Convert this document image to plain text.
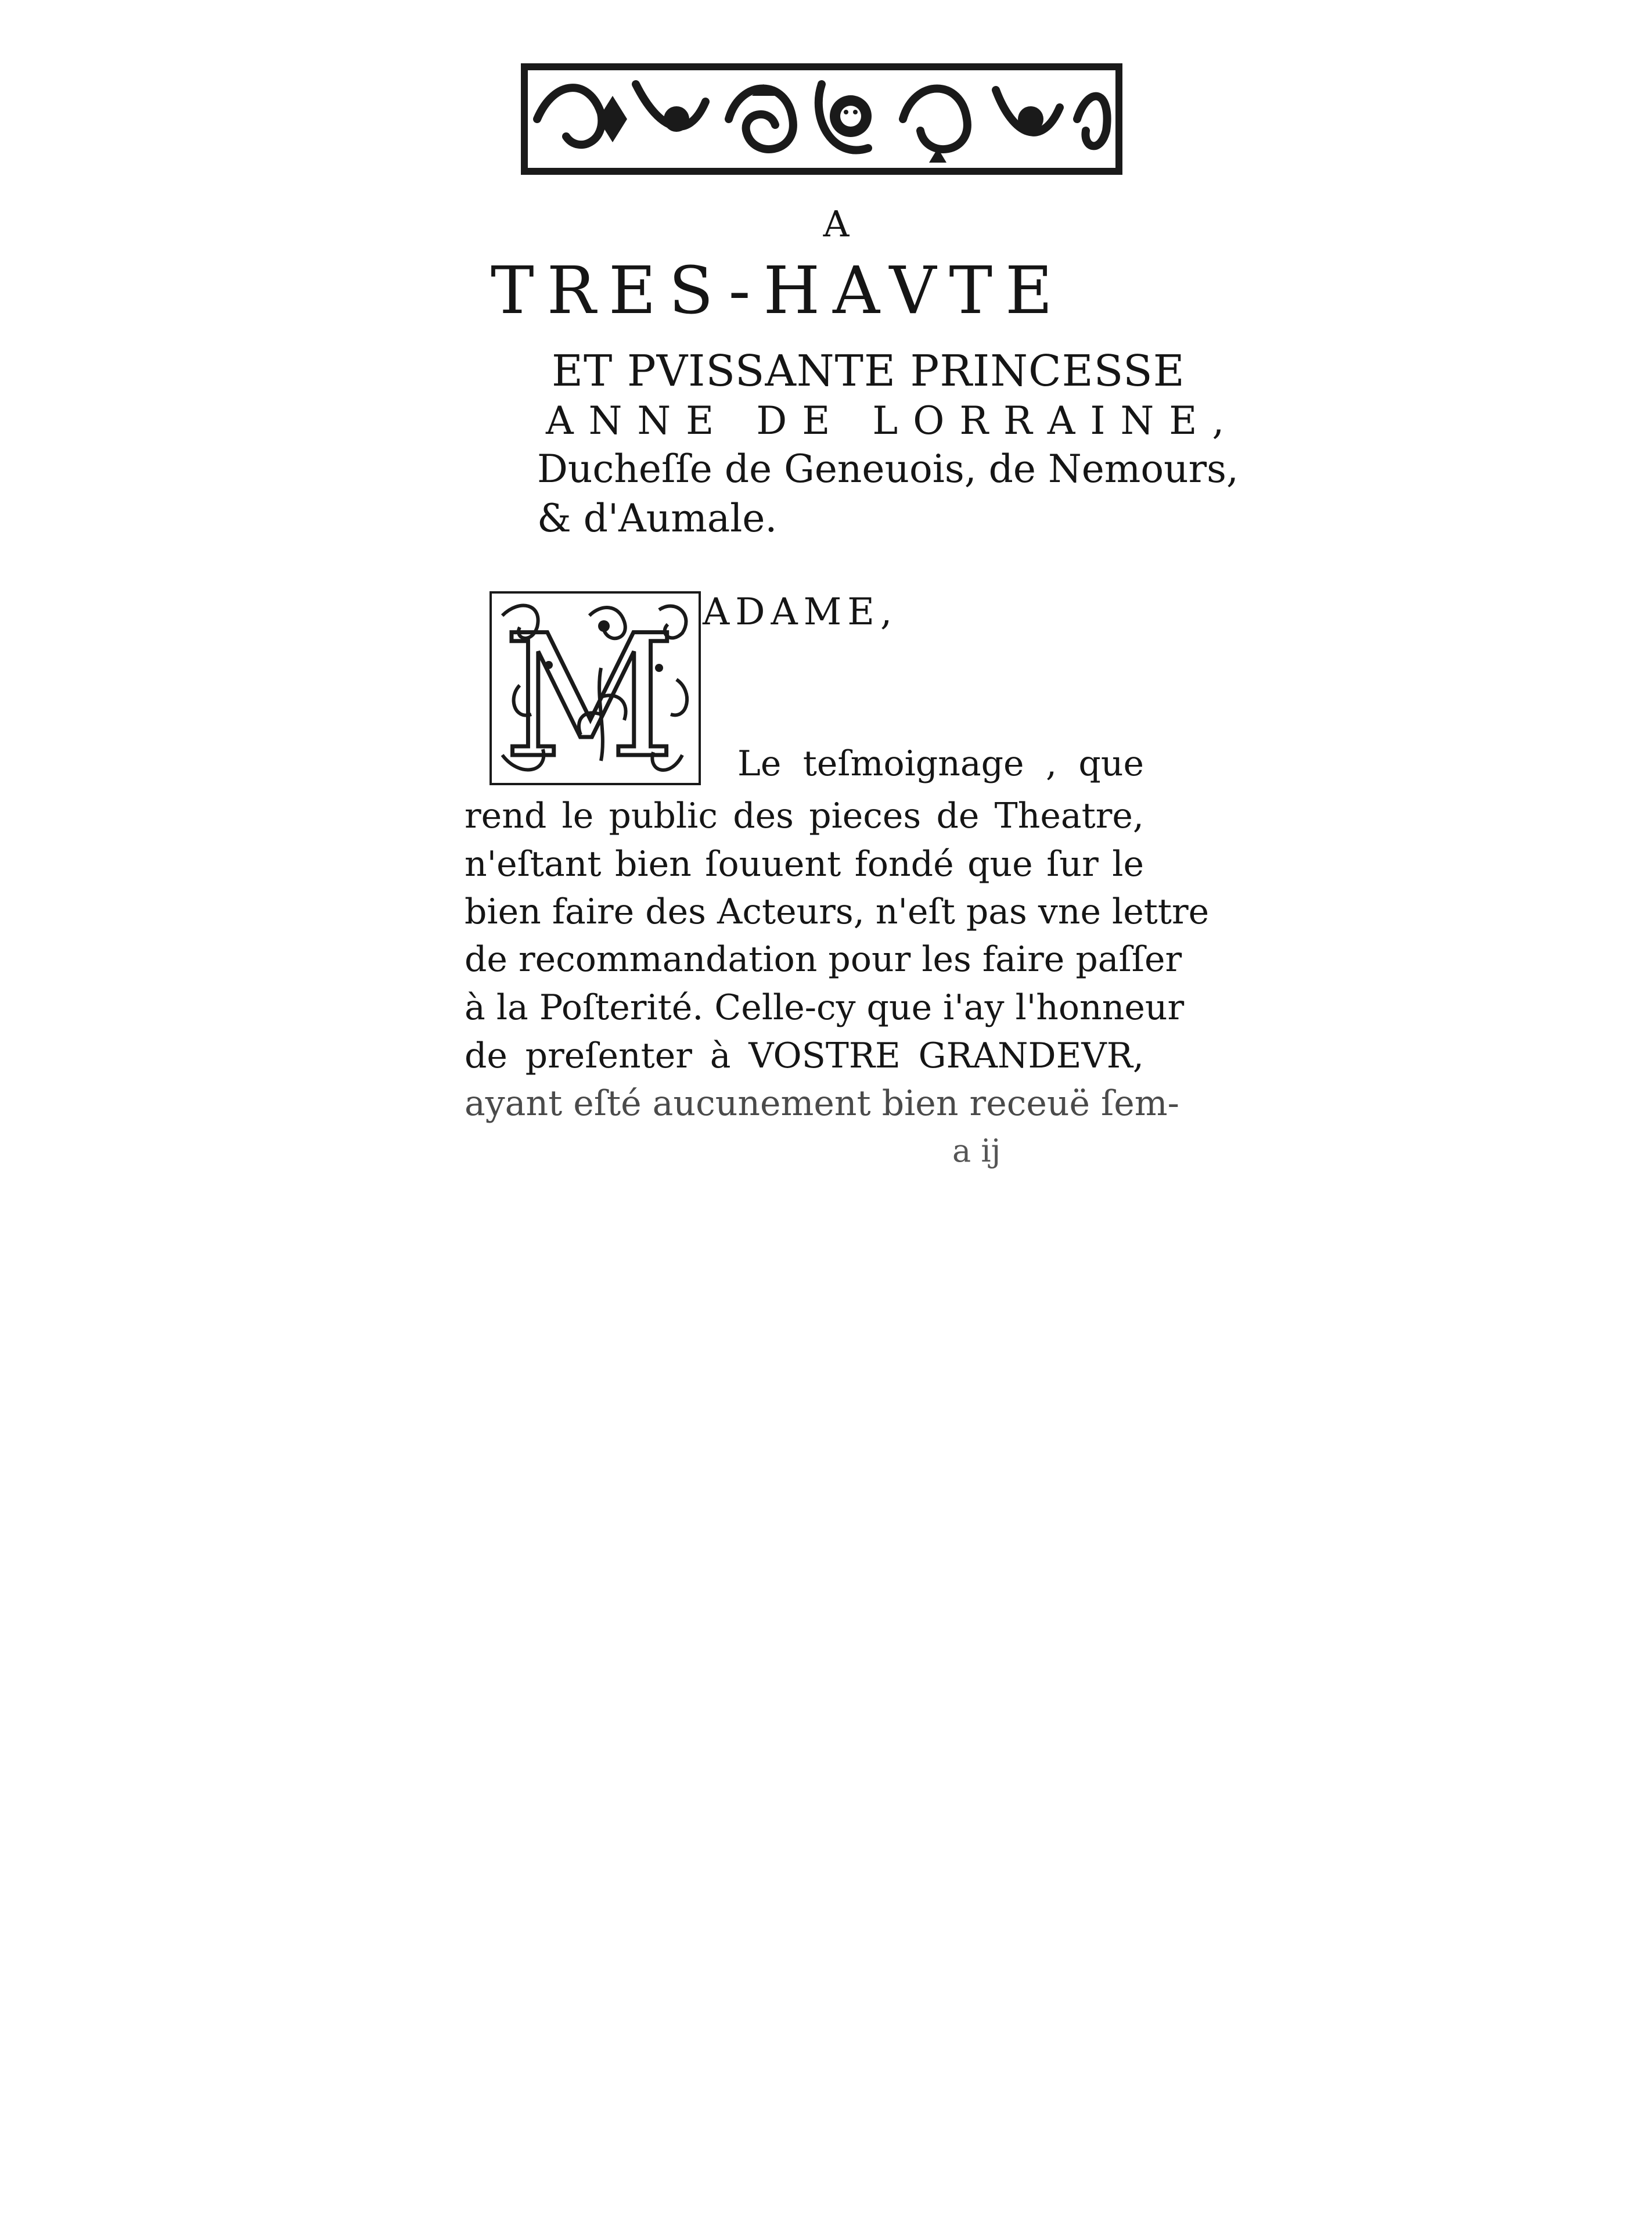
A
TRES-HAVTE
ET PVISSANTE PRINCESSE
ANNE DE LORRAINE,
Ducheſſe de Geneuois, de Nemours,
& d'Aumale.
M ADAME,
Le teſmoignage , que
rend le public des pieces de Theatre,
n'eſtant bien ſouuent fondé que ſur le
bien faire des Acteurs, n'eſt pas vne lettre
de recommandation pour les faire paſſer
à la Poſterité. Celle-cy que i'ay l'honneur
de preſenter à VOSTRE GRANDEVR,
ayant eſté aucunement bien receuë ſem-
a ij
